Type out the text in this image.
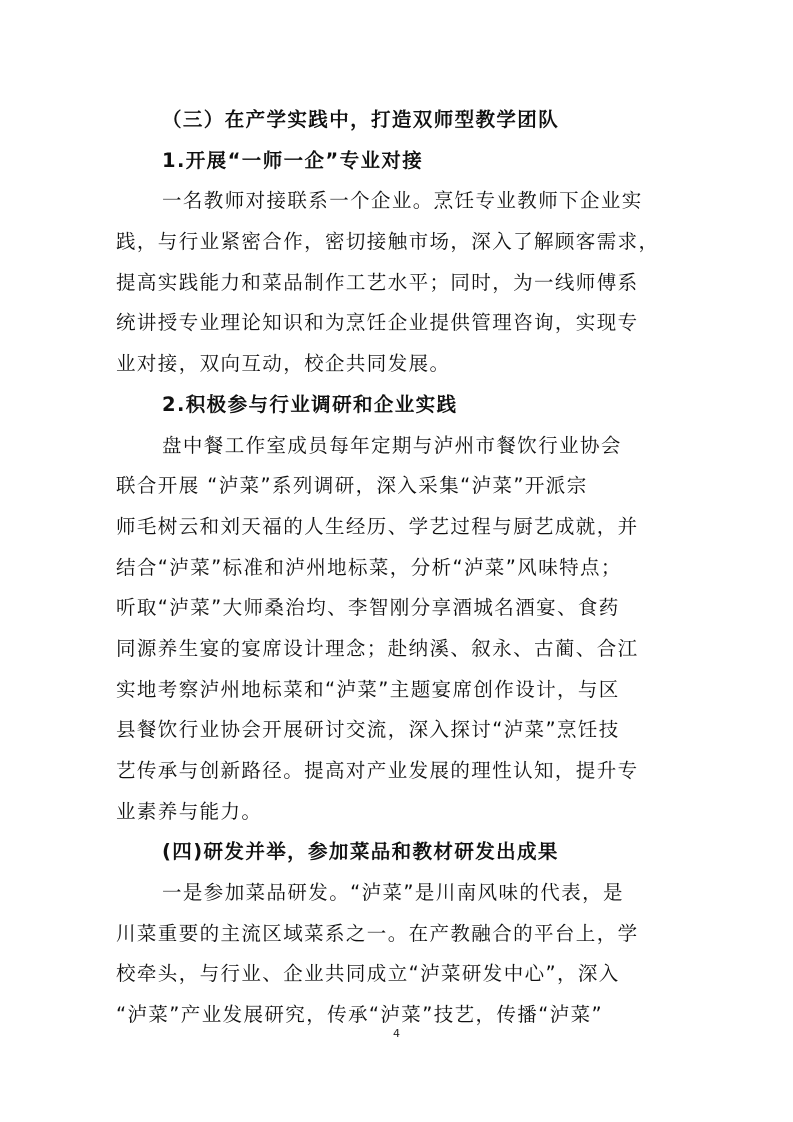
（三）在产学实践中，打造双师型教学团队
1.开展“一师一企”专业对接
一名教师对接联系一个企业。烹饪专业教师下企业实
践，与行业紧密合作，密切接触市场，深入了解顾客需求，
提高实践能力和菜品制作工艺水平；同时，为一线师傅系
统讲授专业理论知识和为烹饪企业提供管理咨询，实现专
业对接，双向互动，校企共同发展。
2.积极参与行业调研和企业实践
盘中餐工作室成员每年定期与泸州市餐饮行业协会
联合开展 “泸菜”系列调研，深入采集“泸菜”开派宗
师毛树云和刘天福的人生经历、学艺过程与厨艺成就，并
结合“泸菜”标准和泸州地标菜，分析“泸菜”风味特点；
听取“泸菜”大师桑治均、李智刚分享酒城名酒宴、食药
同源养生宴的宴席设计理念；赴纳溪、叙永、古蔺、合江
实地考察泸州地标菜和“泸菜”主题宴席创作设计，与区
县餐饮行业协会开展研讨交流，深入探讨“泸菜”烹饪技
艺传承与创新路径。提高对产业发展的理性认知，提升专
业素养与能力。
(四)研发并举，参加菜品和教材研发出成果
一是参加菜品研发。“泸菜”是川南风味的代表，是
川菜重要的主流区域菜系之一。在产教融合的平台上，学
校牵头，与行业、企业共同成立“泸菜研发中心”，深入
“泸菜”产业发展研究，传承“泸菜”技艺，传播“泸菜”
4
